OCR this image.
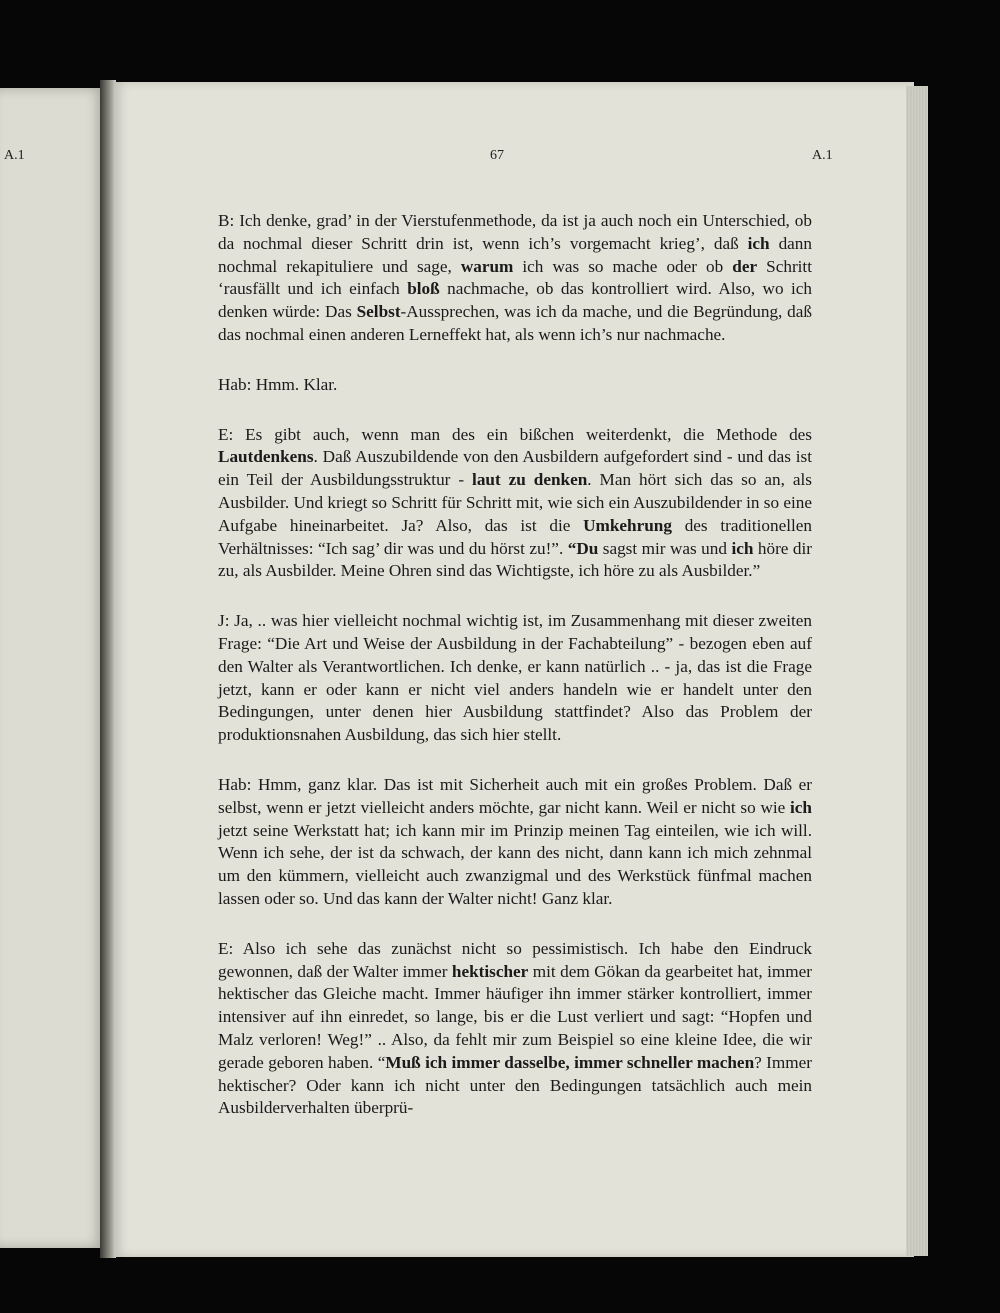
A.1	67	A.1

B: Ich denke, grad’ in der Vierstufenmethode, da ist ja auch noch ein Unterschied, ob da nochmal dieser Schritt drin ist, wenn ich’s vorgemacht krieg’, daß ich dann nochmal rekapituliere und sage, warum ich was so mache oder ob der Schritt ‘rausfällt und ich einfach bloß nachmache, ob das kontrolliert wird. Also, wo ich denken würde: Das Selbst-Aussprechen, was ich da mache, und die Begründung, daß das nochmal einen anderen Lerneffekt hat, als wenn ich’s nur nachmache.

Hab: Hmm. Klar.

E: Es gibt auch, wenn man des ein bißchen weiterdenkt, die Methode des Lautdenkens. Daß Auszubildende von den Ausbildern aufgefordert sind - und das ist ein Teil der Ausbildungsstruktur - laut zu denken. Man hört sich das so an, als Ausbilder. Und kriegt so Schritt für Schritt mit, wie sich ein Auszubildender in so eine Aufgabe hineinarbeitet. Ja? Also, das ist die Umkehrung des traditionellen Verhältnisses: “Ich sag’ dir was und du hörst zu!”. “Du sagst mir was und ich höre dir zu, als Ausbilder. Meine Ohren sind das Wichtigste, ich höre zu als Ausbilder.”

J: Ja, .. was hier vielleicht nochmal wichtig ist, im Zusammenhang mit dieser zweiten Frage: “Die Art und Weise der Ausbildung in der Fachabteilung” - bezogen eben auf den Walter als Verantwortlichen. Ich denke, er kann natürlich .. - ja, das ist die Frage jetzt, kann er oder kann er nicht viel anders handeln wie er handelt unter den Bedingungen, unter denen hier Ausbildung stattfindet? Also das Problem der produktionsnahen Ausbildung, das sich hier stellt.

Hab: Hmm, ganz klar. Das ist mit Sicherheit auch mit ein großes Problem. Daß er selbst, wenn er jetzt vielleicht anders möchte, gar nicht kann. Weil er nicht so wie ich jetzt seine Werkstatt hat; ich kann mir im Prinzip meinen Tag einteilen, wie ich will. Wenn ich sehe, der ist da schwach, der kann des nicht, dann kann ich mich zehnmal um den kümmern, vielleicht auch zwanzigmal und des Werkstück fünfmal machen lassen oder so. Und das kann der Walter nicht! Ganz klar.

E: Also ich sehe das zunächst nicht so pessimistisch. Ich habe den Eindruck gewonnen, daß der Walter immer hektischer mit dem Gökan da gearbeitet hat, immer hektischer das Gleiche macht. Immer häufiger ihn immer stärker kontrolliert, immer intensiver auf ihn einredet, so lange, bis er die Lust verliert und sagt: “Hopfen und Malz verloren! Weg!” .. Also, da fehlt mir zum Beispiel so eine kleine Idee, die wir gerade geboren haben. “Muß ich immer dasselbe, immer schneller machen? Immer hektischer? Oder kann ich nicht unter den Bedingungen tatsächlich auch mein Ausbilderverhalten überprü-
